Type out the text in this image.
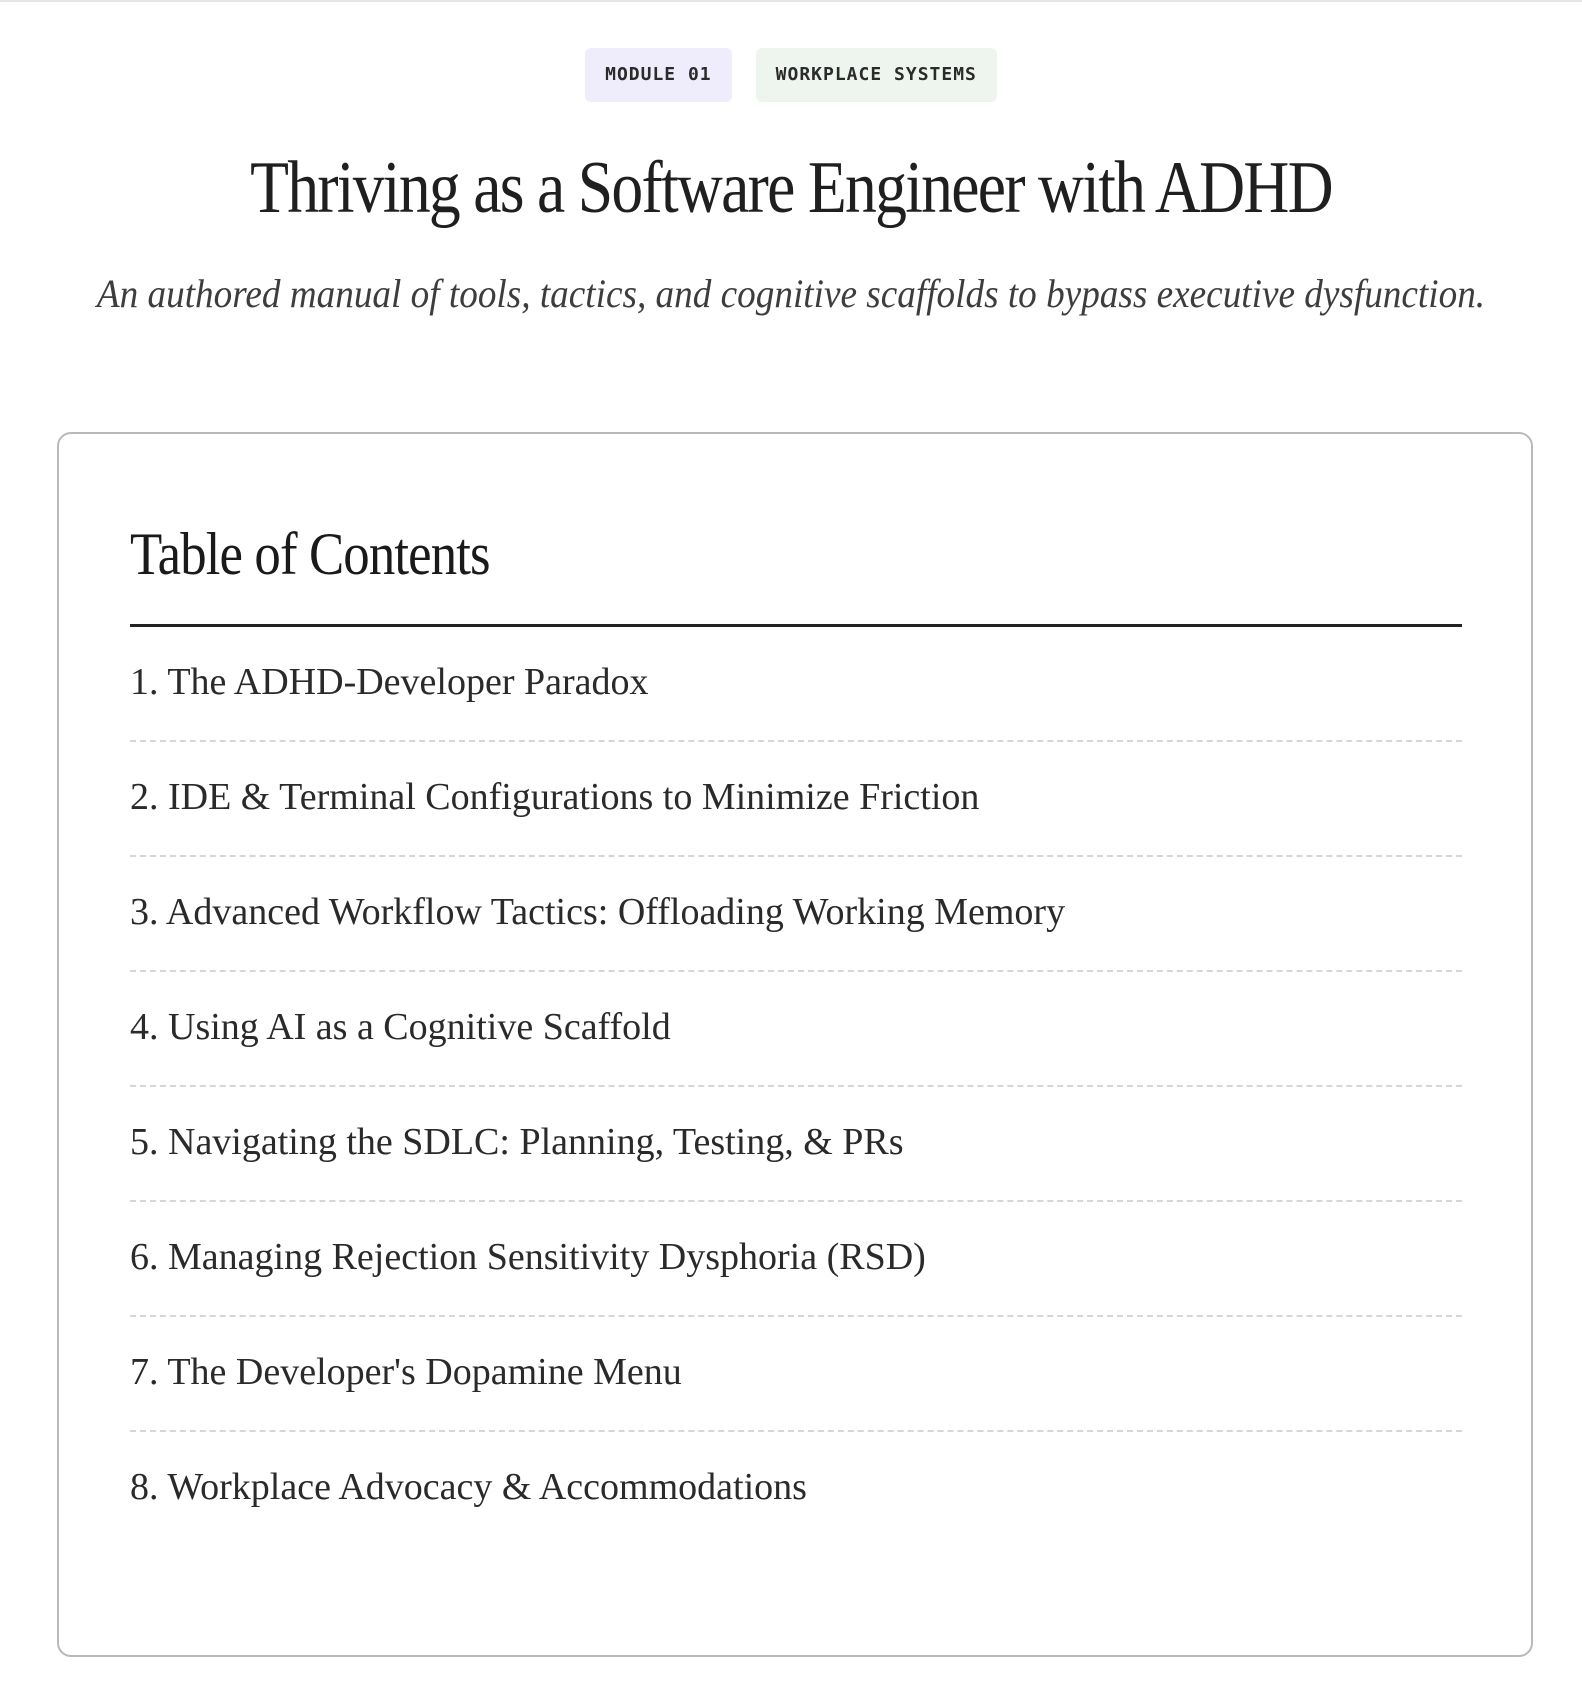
MODULE 01	WORKPLACE SYSTEMS
Thriving as a Software Engineer with ADHD

An authored manual of tools, tactics, and cognitive scaffolds to bypass executive dysfunction.

Table of Contents
1. The ADHD-Developer Paradox
2. IDE & Terminal Configurations to Minimize Friction
3. Advanced Workflow Tactics: Offloading Working Memory
4. Using AI as a Cognitive Scaffold
5. Navigating the SDLC: Planning, Testing, & PRs
6. Managing Rejection Sensitivity Dysphoria (RSD)
7. The Developer's Dopamine Menu
8. Workplace Advocacy & Accommodations
